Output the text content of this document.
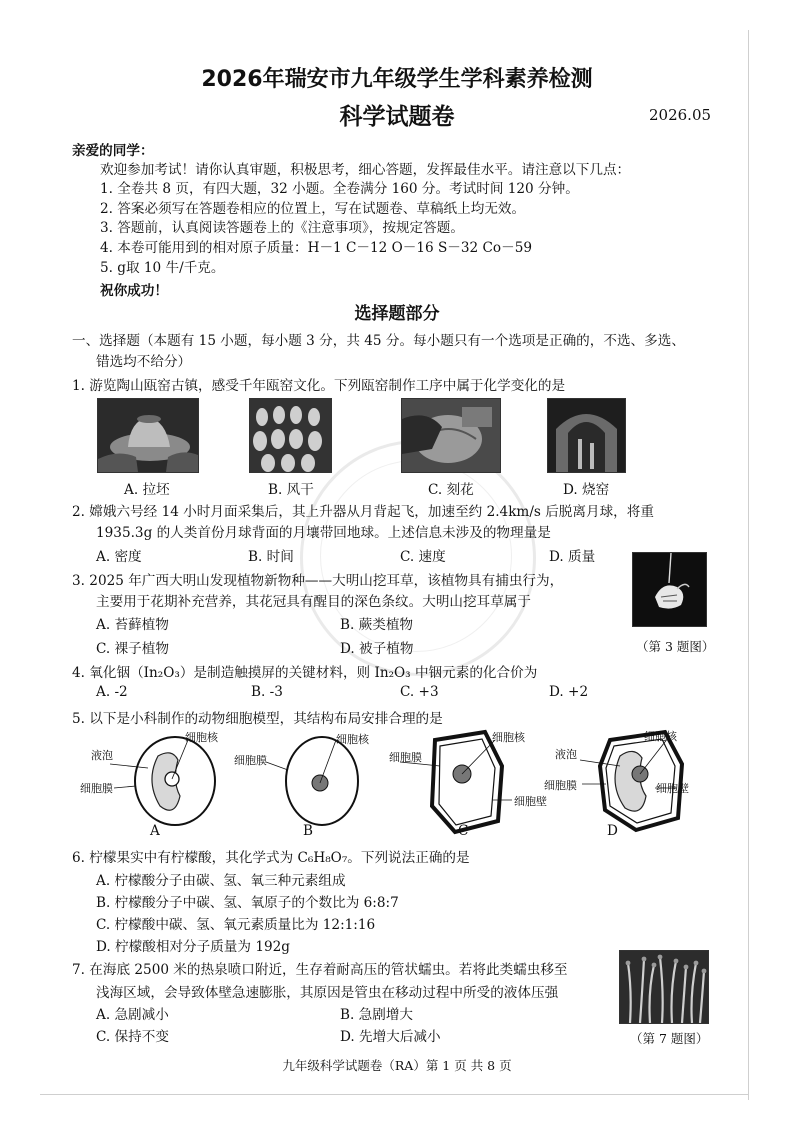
2026年瑞安市九年级学生学科素养检测
科学试题卷	2026.05
亲爱的同学：
欢迎参加考试！请你认真审题，积极思考，细心答题，发挥最佳水平。请注意以下几点：
1. 全卷共 8 页，有四大题，32 小题。全卷满分 160 分。考试时间 120 分钟。
2. 答案必须写在答题卷相应的位置上，写在试题卷、草稿纸上均无效。
3. 答题前，认真阅读答题卷上的《注意事项》，按规定答题。
4. 本卷可能用到的相对原子质量：H－1 C－12 O－16 S－32 Co－59
5. g取 10 牛/千克。
祝你成功！
选择题部分
一、选择题（本题有 15 小题，每小题 3 分，共 45 分。每小题只有一个选项是正确的，不选、多选、
错选均不给分）
1. 游览陶山瓯窑古镇，感受千年瓯窑文化。下列瓯窑制作工序中属于化学变化的是
A. 拉坯	B. 风干	C. 刻花	D. 烧窑
2. 嫦娥六号经 14 小时月面采集后，其上升器从月背起飞，加速至约 2.4km/s 后脱离月球，将重
1935.3g 的人类首份月球背面的月壤带回地球。上述信息未涉及的物理量是
A. 密度	B. 时间	C. 速度	D. 质量
3. 2025 年广西大明山发现植物新物种——大明山挖耳草，该植物具有捕虫行为，
主要用于花期补充营养，其花冠具有醒目的深色条纹。大明山挖耳草属于
A. 苔藓植物	B. 蕨类植物
C. 裸子植物	D. 被子植物	（第 3 题图）
4. 氧化铟（In₂O₃）是制造触摸屏的关键材料，则 In₂O₃ 中铟元素的化合价为
A. -2	B. -3	C. +3	D. +2
5. 以下是小科制作的动物细胞模型，其结构布局安排合理的是
液泡
细胞核
细胞膜
细胞膜
细胞核
细胞膜
细胞核
细胞壁
液泡
细胞核
细胞膜	细胞壁
A	B	C	D
6. 柠檬果实中有柠檬酸，其化学式为 C₆H₈O₇。下列说法正确的是
A. 柠檬酸分子由碳、氢、氧三种元素组成
B. 柠檬酸分子中碳、氢、氧原子的个数比为 6:8:7
C. 柠檬酸中碳、氢、氧元素质量比为 12:1:16
D. 柠檬酸相对分子质量为 192g
7. 在海底 2500 米的热泉喷口附近，生存着耐高压的管状蠕虫。若将此类蠕虫移至
浅海区域，会导致体壁急速膨胀，其原因是管虫在移动过程中所受的液体压强
A. 急剧减小	B. 急剧增大
C. 保持不变	D. 先增大后减小	（第 7 题图）
九年级科学试题卷（RA）第 1 页 共 8 页
